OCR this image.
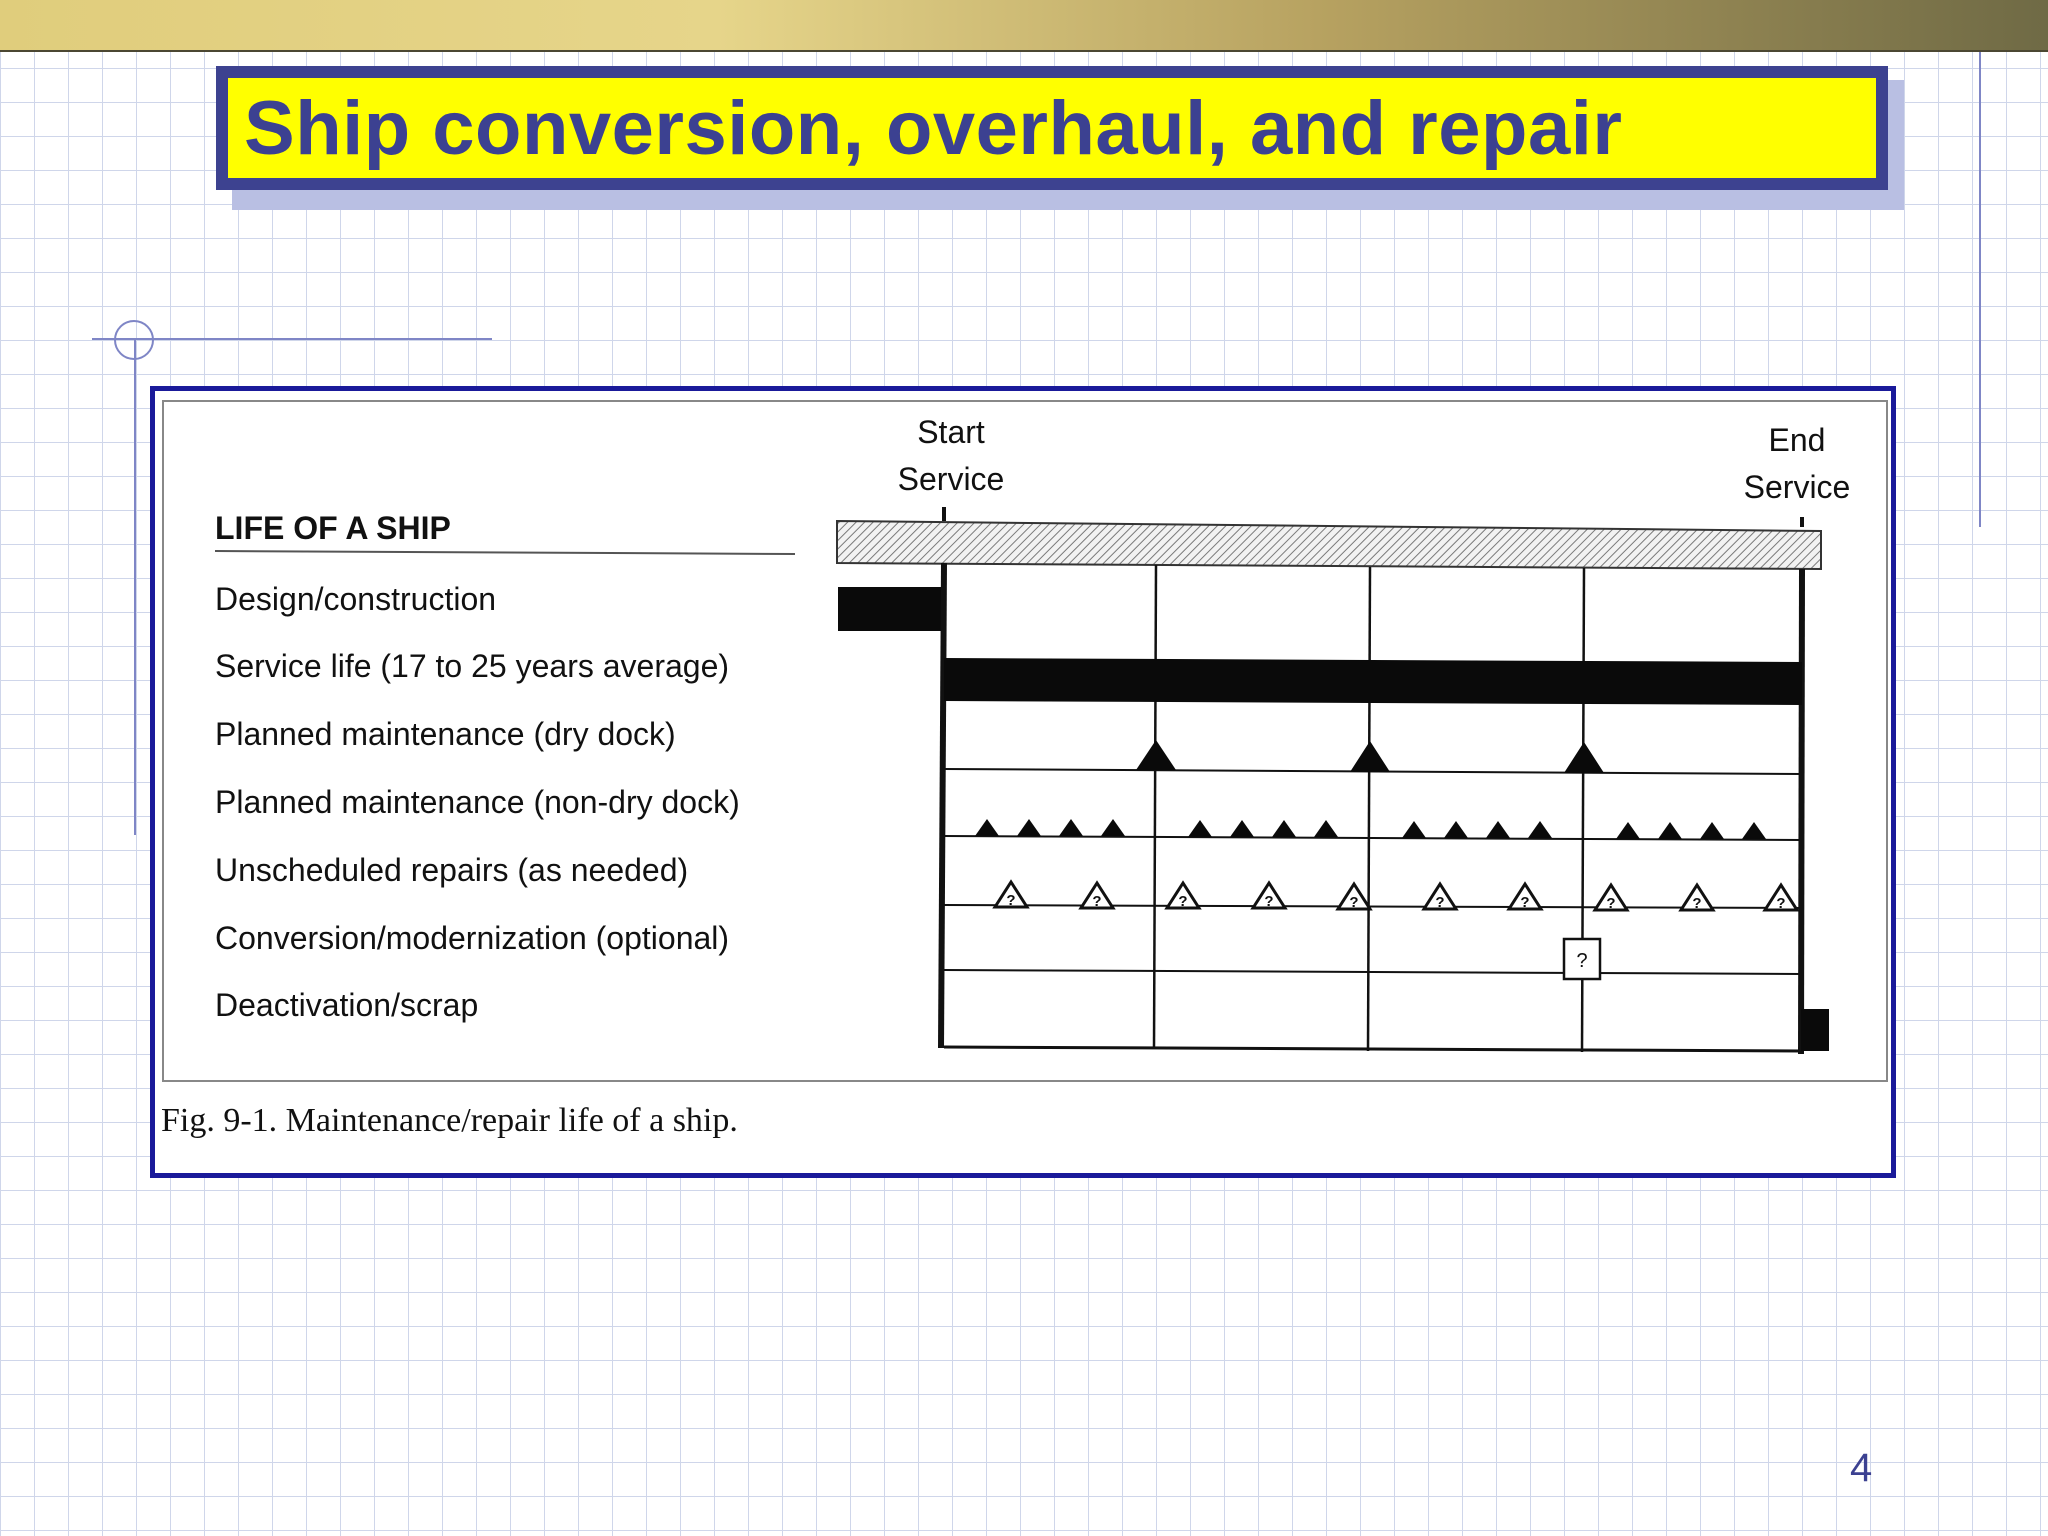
Ship conversion, overhaul, and repair
LIFE OF A SHIP
Design/construction
Service life (17 to 25 years average)
Planned maintenance (dry dock)
Planned maintenance (non-dry dock)
Unscheduled repairs (as needed)
Conversion/modernization (optional)
Deactivation/scrap
Start
Service
End
Service
?	?	?	?	?	?	?	?	?	?
?
Fig. 9-1. Maintenance/repair life of a ship.
4
